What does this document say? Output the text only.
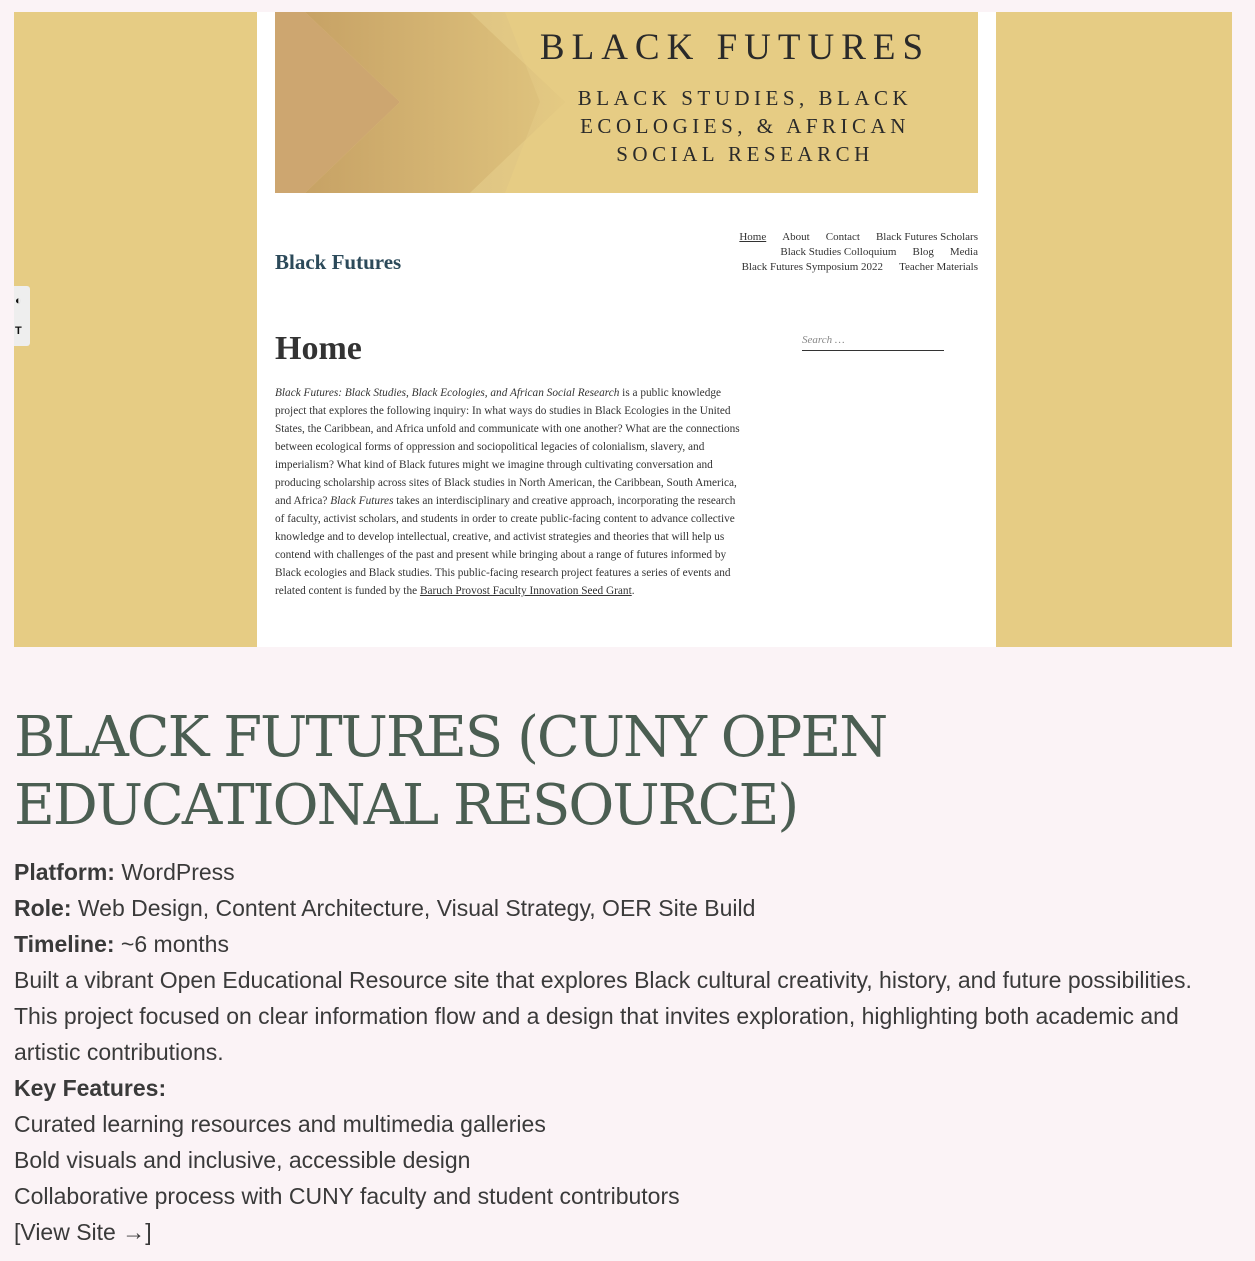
BLACK FUTURES
BLACK STUDIES, BLACK
ECOLOGIES, & AFRICAN
SOCIAL RESEARCH
Black Futures
Home About Contact Black Futures Scholars
Black Studies Colloquium Blog Media
Black Futures Symposium 2022 Teacher Materials
Home	Search …
Black Futures: Black Studies, Black Ecologies, and African Social Research is a public knowledge project that explores the following inquiry: In what ways do studies in Black Ecologies in the United States, the Caribbean, and Africa unfold and communicate with one another? What are the connections between ecological forms of oppression and sociopolitical legacies of colonialism, slavery, and imperialism? What kind of Black futures might we imagine through cultivating conversation and producing scholarship across sites of Black studies in North American, the Caribbean, South America, and Africa? Black Futures takes an interdisciplinary and creative approach, incorporating the research of faculty, activist scholars, and students in order to create public-facing content to advance collective knowledge and to develop intellectual, creative, and activist strategies and theories that will help us contend with challenges of the past and present while bringing about a range of futures informed by Black ecologies and Black studies. This public-facing research project features a series of events and related content is funded by the Baruch Provost Faculty Innovation Seed Grant.
◐
T
BLACK FUTURES (CUNY OPEN EDUCATIONAL RESOURCE)

Platform: WordPress

Role: Web Design, Content Architecture, Visual Strategy, OER Site Build

Timeline: ~6 months

Built a vibrant Open Educational Resource site that explores Black cultural creativity, history, and future possibilities. This project focused on clear information flow and a design that invites exploration, highlighting both academic and artistic contributions.

Key Features:

Curated learning resources and multimedia galleries

Bold visuals and inclusive, accessible design

Collaborative process with CUNY faculty and student contributors

[View Site →]
